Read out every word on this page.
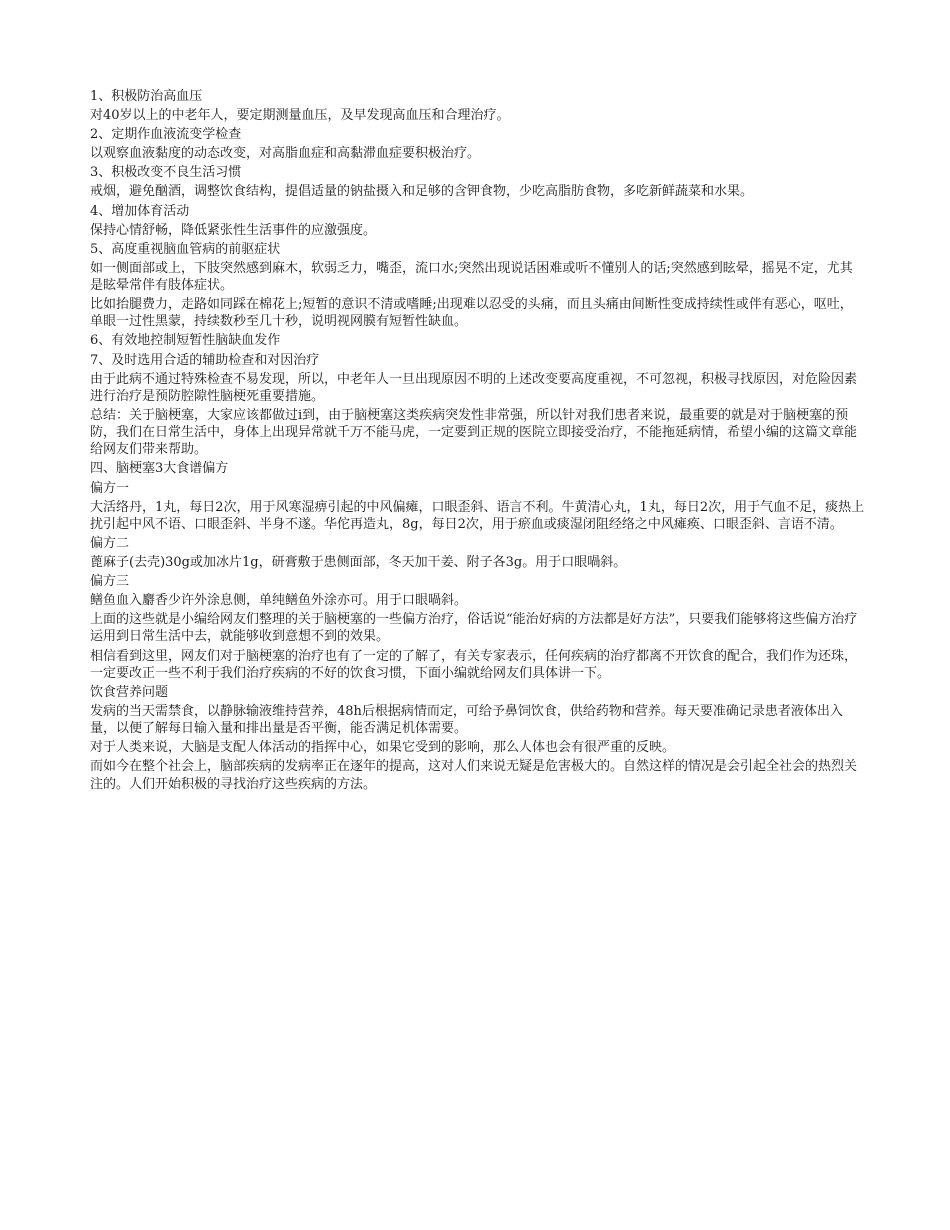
1、积极防治高血压

对40岁以上的中老年人，要定期测量血压，及早发现高血压和合理治疗。

2、定期作血液流变学检查

以观察血液黏度的动态改变，对高脂血症和高黏滞血症要积极治疗。

3、积极改变不良生活习惯

戒烟，避免酗酒，调整饮食结构，提倡适量的钠盐摄入和足够的含钾食物，少吃高脂肪食物，多吃新鲜蔬菜和水果。

4、增加体育活动

保持心情舒畅，降低紧张性生活事件的应激强度。

5、高度重视脑血管病的前驱症状

如一侧面部或上，下肢突然感到麻木，软弱乏力，嘴歪，流口水;突然出现说话困难或听不懂别人的话;突然感到眩晕，摇晃不定，尤其是眩晕常伴有肢体症状。

比如抬腿费力，走路如同踩在棉花上;短暂的意识不清或嗜睡;出现难以忍受的头痛，而且头痛由间断性变成持续性或伴有恶心，呕吐，单眼一过性黑蒙，持续数秒至几十秒，说明视网膜有短暂性缺血。

6、有效地控制短暂性脑缺血发作

7、及时选用合适的辅助检查和对因治疗

由于此病不通过特殊检查不易发现，所以，中老年人一旦出现原因不明的上述改变要高度重视，不可忽视，积极寻找原因，对危险因素进行治疗是预防腔隙性脑梗死重要措施。

总结：关于脑梗塞，大家应该都做过i到，由于脑梗塞这类疾病突发性非常强，所以针对我们患者来说，最重要的就是对于脑梗塞的预防，我们在日常生活中，身体上出现异常就千万不能马虎，一定要到正规的医院立即接受治疗，不能拖延病情，希望小编的这篇文章能给网友们带来帮助。

四、脑梗塞3大食谱偏方

偏方一

大活络丹，1丸，每日2次，用于风寒湿痹引起的中风偏瘫，口眼歪斜、语言不利。牛黄清心丸，1丸，每日2次，用于气血不足，痰热上扰引起中风不语、口眼歪斜、半身不遂。华佗再造丸，8g，每日2次，用于瘀血或痰湿闭阻经络之中风瘫痪、口眼歪斜、言语不清。

偏方二

蓖麻子(去壳)30g或加冰片1g，研膏敷于患侧面部，冬天加干姜、附子各3g。用于口眼喎斜。

偏方三

鳝鱼血入麝香少许外涂息侧，单纯鳝鱼外涂亦可。用于口眼喎斜。

上面的这些就是小编给网友们整理的关于脑梗塞的一些偏方治疗，俗话说“能治好病的方法都是好方法”，只要我们能够将这些偏方治疗运用到日常生活中去，就能够收到意想不到的效果。

相信看到这里，网友们对于脑梗塞的治疗也有了一定的了解了，有关专家表示，任何疾病的治疗都离不开饮食的配合，我们作为还珠，一定要改正一些不利于我们治疗疾病的不好的饮食习惯，下面小编就给网友们具体讲一下。

饮食营养问题

发病的当天需禁食，以静脉输液维持营养，48h后根据病情而定，可给予鼻饲饮食，供给药物和营养。每天要准确记录患者液体出入量，以便了解每日输入量和排出量是否平衡，能否满足机体需要。

对于人类来说，大脑是支配人体活动的指挥中心，如果它受到的影响，那么人体也会有很严重的反映。

而如今在整个社会上，脑部疾病的发病率正在逐年的提高，这对人们来说无疑是危害极大的。自然这样的情况是会引起全社会的热烈关注的。人们开始积极的寻找治疗这些疾病的方法。
